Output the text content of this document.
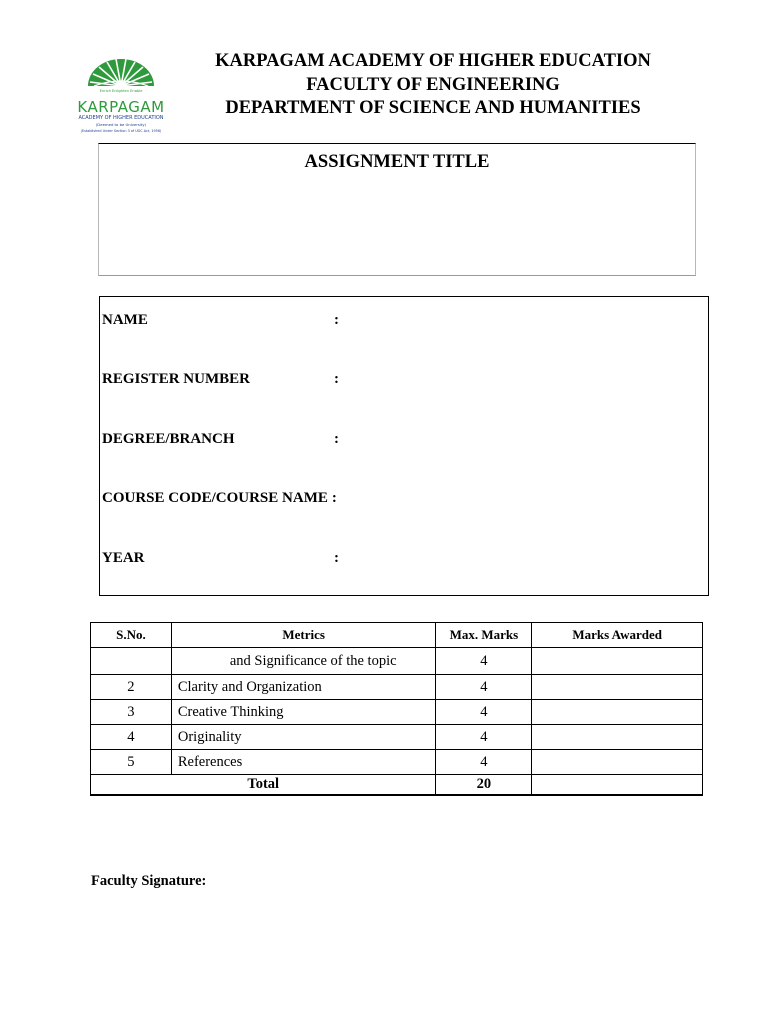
Enrich Enlighten Enable
KARPAGAM
ACADEMY OF HIGHER EDUCATION
(Deemed to be University)
(Established Under Section 3 of UGC Act, 1956)
KARPAGAM ACADEMY OF HIGHER EDUCATION
FACULTY OF ENGINEERING
DEPARTMENT OF SCIENCE AND HUMANITIES
ASSIGNMENT TITLE
NAME	:
REGISTER NUMBER	:
DEGREE/BRANCH	:
COURSE CODE/COURSE NAME :
YEAR	:
S.No.	Metrics	Max. Marks	Marks Awarded
	and Significance of the topic	4	
2	Clarity and Organization	4	
3	Creative Thinking	4	
4	Originality	4	
5	References	4	
Total		20	
Faculty Signature:
